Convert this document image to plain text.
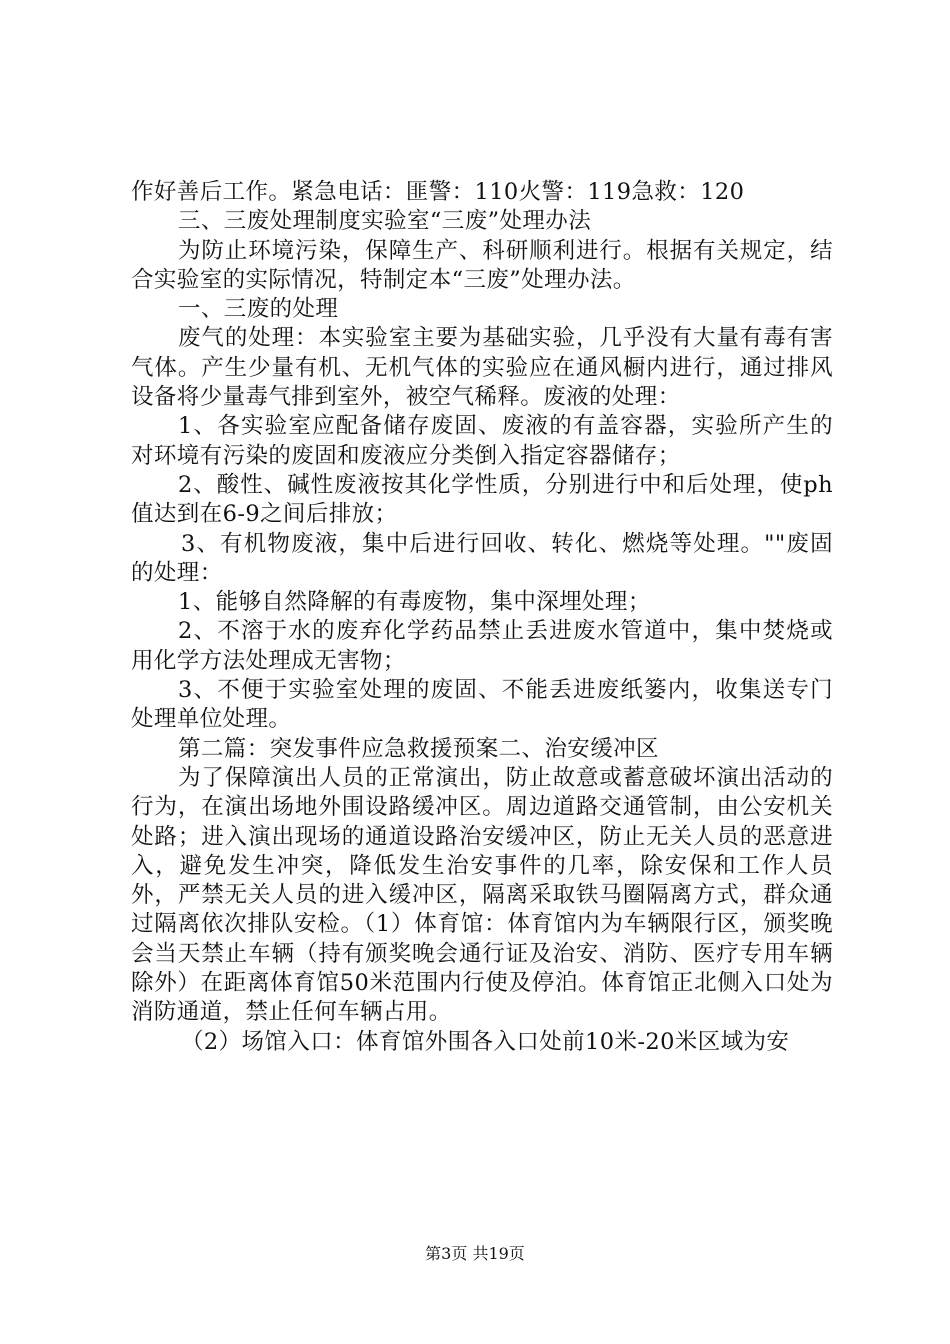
作好善后工作。紧急电话：匪警：110火警：119急救：120

三、三废处理制度实验室“三废”处理办法

为防止环境污染，保障生产、科研顺利进行。根据有关规定，结合实验室的实际情况，特制定本“三废”处理办法。

一、三废的处理

废气的处理：本实验室主要为基础实验，几乎没有大量有毒有害气体。产生少量有机、无机气体的实验应在通风橱内进行，通过排风设备将少量毒气排到室外，被空气稀释。废液的处理：

1、各实验室应配备储存废固、废液的有盖容器，实验所产生的对环境有污染的废固和废液应分类倒入指定容器储存；

2、酸性、碱性废液按其化学性质，分别进行中和后处理，使ph值达到在6-9之间后排放；

3、有机物废液，集中后进行回收、转化、燃烧等处理。""废固的处理：

1、能够自然降解的有毒废物，集中深埋处理；

2、不溶于水的废弃化学药品禁止丢进废水管道中，集中焚烧或用化学方法处理成无害物；

3、不便于实验室处理的废固、不能丢进废纸篓内，收集送专门处理单位处理。

第二篇：突发事件应急救援预案二、治安缓冲区

为了保障演出人员的正常演出，防止故意或蓄意破坏演出活动的行为，在演出场地外围设路缓冲区。周边道路交通管制，由公安机关处路；进入演出现场的通道设路治安缓冲区，防止无关人员的恶意进入，避免发生冲突，降低发生治安事件的几率，除安保和工作人员外，严禁无关人员的进入缓冲区，隔离采取铁马圈隔离方式，群众通过隔离依次排队安检。（1）体育馆：体育馆内为车辆限行区，颁奖晚会当天禁止车辆（持有颁奖晚会通行证及治安、消防、医疗专用车辆除外）在距离体育馆50米范围内行使及停泊。体育馆正北侧入口处为消防通道，禁止任何车辆占用。

（2）场馆入口：体育馆外围各入口处前10米-20米区域为安

第3页 共19页
